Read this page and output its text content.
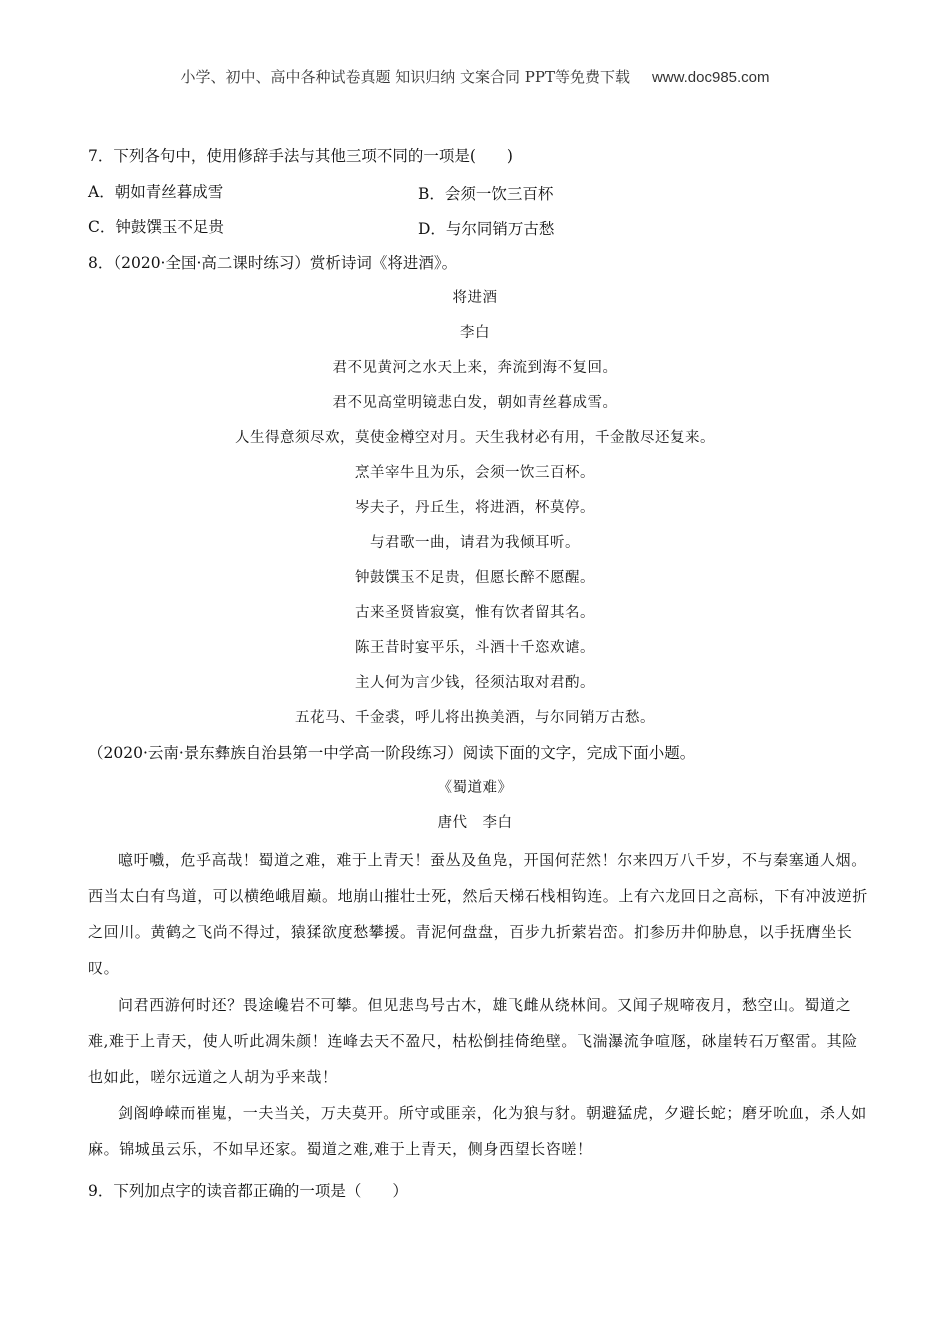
小学、初中、高中各种试卷真题 知识归纳 文案合同 PPT等免费下载 www.doc985.com
7．下列各句中，使用修辞手法与其他三项不同的一项是(　　)
A．朝如青丝暮成雪	B．会须一饮三百杯
C．钟鼓馔玉不足贵	D．与尔同销万古愁
8．（2020·全国·高二课时练习）赏析诗词《将进酒》。
将进酒
李白
君不见黄河之水天上来，奔流到海不复回。
君不见高堂明镜悲白发，朝如青丝暮成雪。
人生得意须尽欢，莫使金樽空对月。天生我材必有用，千金散尽还复来。
烹羊宰牛且为乐，会须一饮三百杯。
岑夫子，丹丘生，将进酒，杯莫停。
与君歌一曲，请君为我倾耳听。
钟鼓馔玉不足贵，但愿长醉不愿醒。
古来圣贤皆寂寞，惟有饮者留其名。
陈王昔时宴平乐，斗酒十千恣欢谑。
主人何为言少钱，径须沽取对君酌。
五花马、千金裘，呼儿将出换美酒，与尔同销万古愁。
（2020·云南·景东彝族自治县第一中学高一阶段练习）阅读下面的文字，完成下面小题。
《蜀道难》
唐代　李白
噫吁嚱，危乎高哉！蜀道之难，难于上青天！蚕丛及鱼凫，开国何茫然！尔来四万八千岁，不与秦塞通人烟。西当太白有鸟道，可以横绝峨眉巅。地崩山摧壮士死，然后天梯石栈相钩连。上有六龙回日之高标，下有冲波逆折之回川。黄鹤之飞尚不得过，猿猱欲度愁攀援。青泥何盘盘，百步九折萦岩峦。扪参历井仰胁息，以手抚膺坐长叹。
问君西游何时还？畏途巉岩不可攀。但见悲鸟号古木，雄飞雌从绕林间。又闻子规啼夜月，愁空山。蜀道之难,难于上青天，使人听此凋朱颜！连峰去天不盈尺，枯松倒挂倚绝壁。飞湍瀑流争喧豗，砯崖转石万壑雷。其险也如此，嗟尔远道之人胡为乎来哉！
剑阁峥嵘而崔嵬，一夫当关，万夫莫开。所守或匪亲，化为狼与豺。朝避猛虎，夕避长蛇；磨牙吮血，杀人如麻。锦城虽云乐，不如早还家。蜀道之难,难于上青天，侧身西望长咨嗟！
9．下列加点字的读音都正确的一项是（　　）
